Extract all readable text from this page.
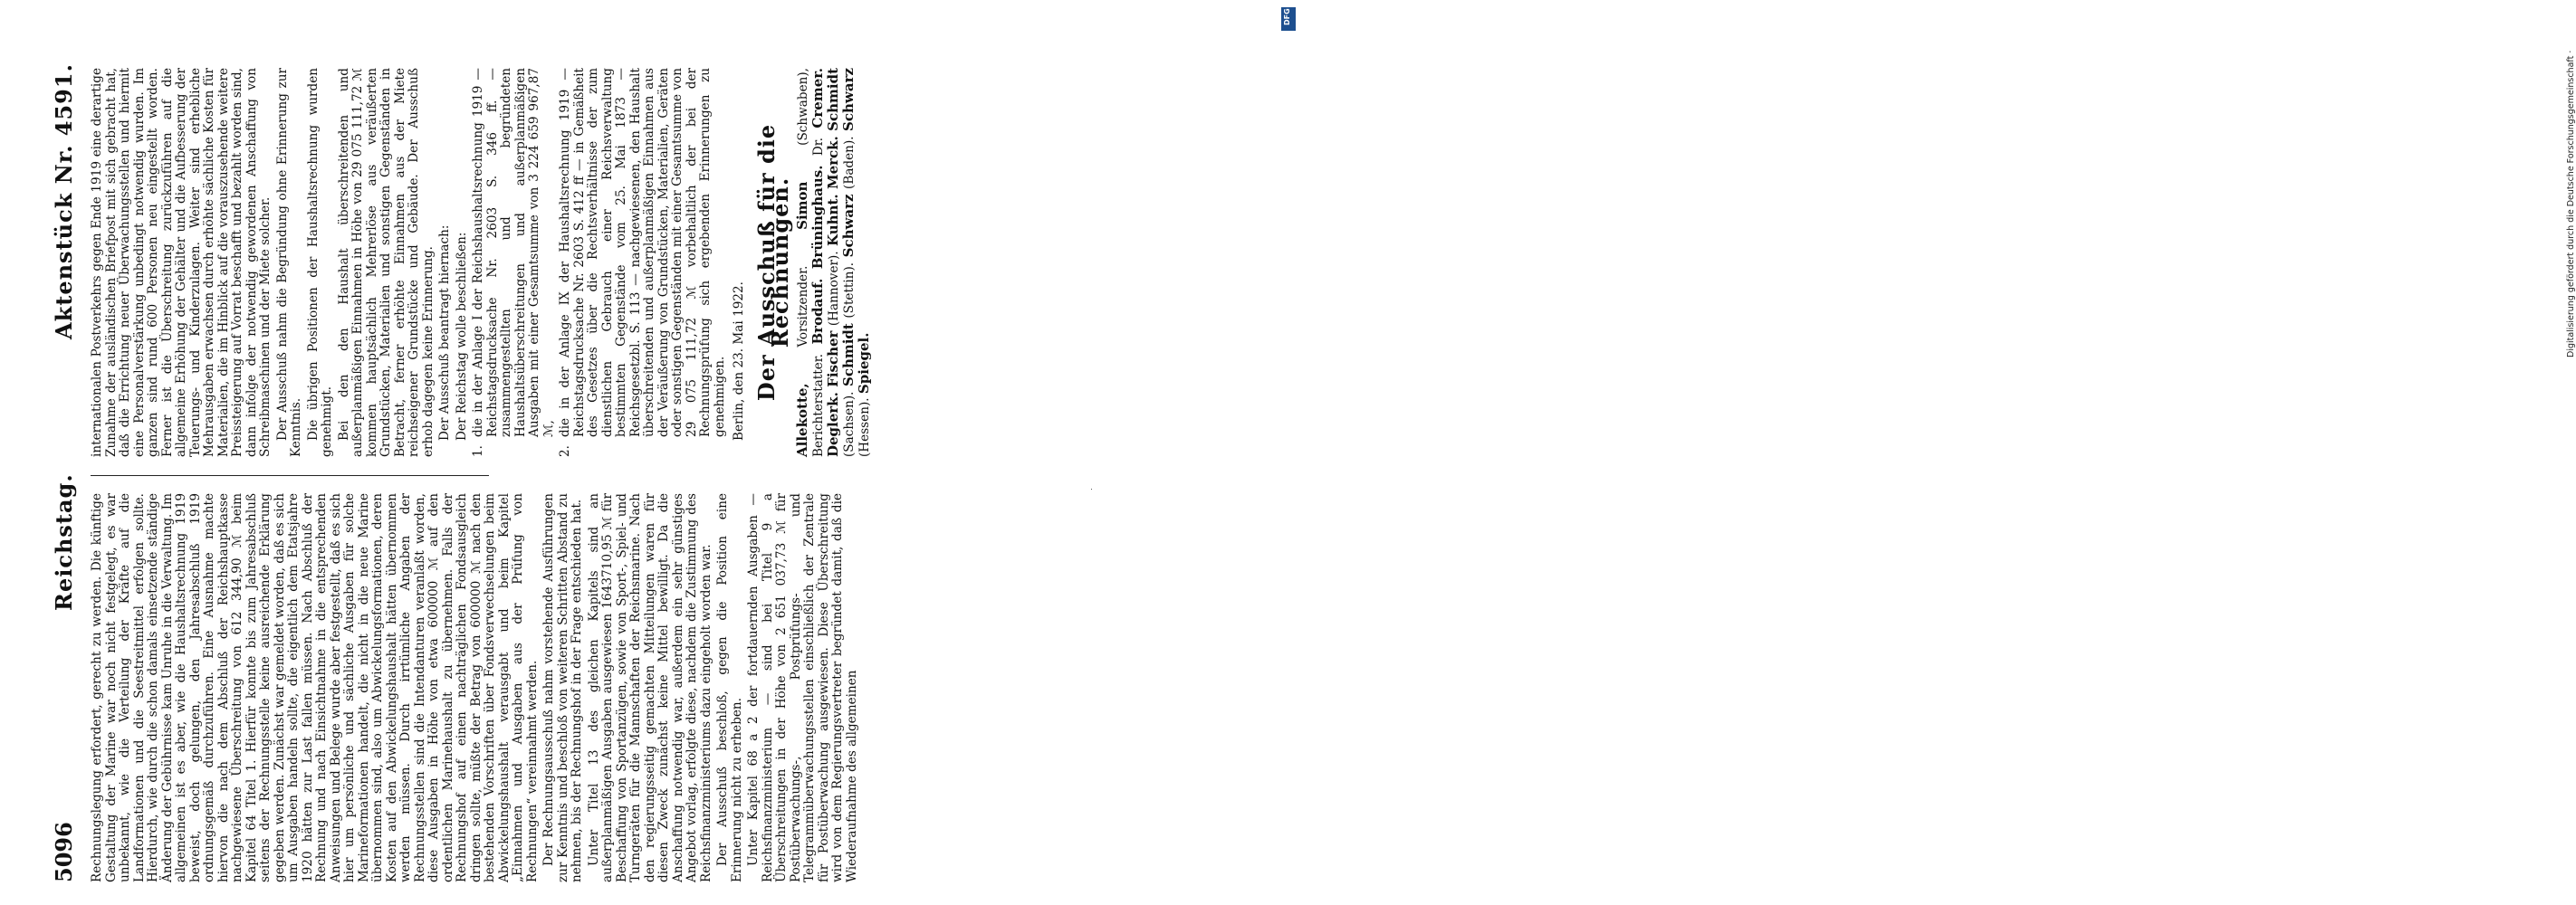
5096
Reichstag.
Aktenstück Nr. 4591.

Rechnungslegung erfordert, gerecht zu werden. Die künftige Gestaltung der Marine war noch nicht festgelegt, es war unbekannt, wie die Verteilung der Kräfte auf die Landformationen und die Seestreitmittel erfolgen sollte. Hierdurch, wie durch die schon damals einsetzende ständige Änderung der Gebührnisse kam Unruhe in die Verwaltung. Im allgemeinen ist es aber, wie die Haushaltsrechnung 1919 beweist, doch gelungen, den Jahresabschluß 1919 ordnungsgemäß durchzuführen. Eine Ausnahme machte hiervon die nach dem Abschluß der Reichshauptkasse nachgewiesene Überschreitung von 612 344,90 ℳ beim Kapitel 64 Titel 1. Hierfür konnte bis zum Jahresabschluß seitens der Rechnungsstelle keine ausreichende Erklärung gegeben werden. Zunächst war gemeldet worden, daß es sich um Ausgaben handeln sollte, die eigentlich dem Etatsjahre 1920 hätten zur Last fallen müssen. Nach Abschluß der Rechnung und nach Einsichtnahme in die entsprechenden Anweisungen und Belege wurde aber festgestellt, daß es sich hier um persönliche und sächliche Ausgaben für solche Marineformationen handelt, die nicht in die neue Marine übernommen sind, also um Abwickelungsformationen, deren Kosten auf den Abwickelungshaushalt hätten übernommen werden müssen. Durch irrtümliche Angaben der Rechnungsstellen sind die Intendanturen veranlaßt worden, diese Ausgaben in Höhe von etwa 600000 ℳ auf den ordentlichen Marinehaushalt zu übernehmen. Falls der Rechnungshof auf einen nachträglichen Fondsausgleich dringen sollte, müßte der Betrag von 600000 ℳ nach den bestehenden Vorschriften über Fondsverwechselungen beim Abwickelungshaushalt verausgabt und beim Kapitel „Einnahmen und Ausgaben aus der Prüfung von Rechnungen“ vereinnahmt werden. Der Rechnungsausschuß nahm vorstehende Ausführungen zur Kenntnis und beschloß von weiteren Schritten Abstand zu nehmen, bis der Rechnungshof in der Frage entschieden hat. Unter Titel 13 des gleichen Kapitels sind an außerplanmäßigen Ausgaben ausgewiesen 1643710,95 ℳ für Beschaffung von Sportanzügen, sowie von Sport-, Spiel- und Turngeräten für die Mannschaften der Reichsmarine. Nach den regierungsseitig gemachten Mitteilungen waren für diesen Zweck zunächst keine Mittel bewilligt. Da die Anschaffung notwendig war, außerdem ein sehr günstiges Angebot vorlag, erfolgte diese, nachdem die Zustimmung des Reichsfinanzministeriums dazu eingeholt worden war. Der Ausschuß beschloß, gegen die Position eine Erinnerung nicht zu erheben. Unter Kapitel 68 a 2 der fortdauernden Ausgaben — Reichsfinanzministerium — sind bei Titel 9 a Überschreitungen in der Höhe von 2 651 037,73 ℳ für Postüberwachungs-, Postprüfungs- und Telegrammüberwachungsstellen einschließlich der Zentrale für Postüberwachung ausgewiesen. Diese Überschreitung wird von dem Regierungsvertreter begründet damit, daß die Wiederaufnahme des allgemeinen

internationalen Postverkehrs gegen Ende 1919 eine derartige Zunahme der ausländischen Briefpost mit sich gebracht hat, daß die Errichtung neuer Überwachungsstellen und hiermit eine Personalverstärkung unbedingt notwendig wurden. Im ganzen sind rund 600 Personen neu eingestellt worden. Ferner ist die Überschreitung zurückzuführen auf die allgemeine Erhöhung der Gehälter und die Aufbesserung der Teuerungs- und Kinderzulagen. Weiter sind erhebliche Mehrausgaben erwachsen durch erhöhte sächliche Kosten für Materialien, die im Hinblick auf die vorauszusehende weitere Preissteigerung auf Vorrat beschafft und bezahlt worden sind, dann infolge der notwendig gewordenen Anschaffung von Schreibmaschinen und der Miete solcher. Der Ausschuß nahm die Begründung ohne Erinnerung zur Kenntnis. Die übrigen Positionen der Haushaltsrechnung wurden genehmigt. Bei den den Haushalt überschreitenden und außerplanmäßigen Einnahmen in Höhe von 29 075 111,72 ℳ kommen hauptsächlich Mehrerlöse aus veräußerten Grundstücken, Materialien und sonstigen Gegenständen in Betracht, ferner erhöhte Einnahmen aus der Miete reichseigener Grundstücke und Gebäude. Der Ausschuß erhob dagegen keine Erinnerung. Der Ausschuß beantragt hiernach: Der Reichstag wolle beschließen:

1.
die in der Anlage I der Reichshaushaltsrechnung 1919 — Reichstagsdrucksache Nr. 2603 S. 346 ff. — zusammengestellten und begründeten Haushaltsüberschreitungen und außerplanmäßigen Ausgaben mit einer Gesamtsumme von 3 224 659 967,87 ℳ,
2.
die in der Anlage IX der Haushaltsrechnung 1919 — Reichstagsdrucksache Nr. 2603 S. 412 ff — in Gemäßheit des Gesetzes über die Rechtsverhältnisse der zum dienstlichen Gebrauch einer Reichsverwaltung bestimmten Gegenstände vom 25. Mai 1873 — Reichsgesetzbl. S. 113 — nachgewiesenen, den Haushalt überschreitenden und außerplanmäßigen Einnahmen aus der Veräußerung von Grundstücken, Materialien, Geräten oder sonstigen Gegenständen mit einer Gesamtsumme von 29 075 111,72 ℳ vorbehaltlich der bei der Rechnungsprüfung sich ergebenden Erinnerungen zu genehmigen. Berlin, den 23. Mai 1922. Der Ausschuß für die Rechnungen.
Allekotte, Vorsitzender. Simon (Schwaben), Berichterstatter. Brodauf. Brüninghaus. Dr. Cremer. Deglerk. Fischer (Hannover). Kuhnt. Merck. Schmidt (Sachsen). Schmidt (Stettin). Schwarz (Baden). Schwarz (Hessen). Spiegel.
DFG
Digitalisierung gefördert durch die Deutsche Forschungsgemeinschaft ·
